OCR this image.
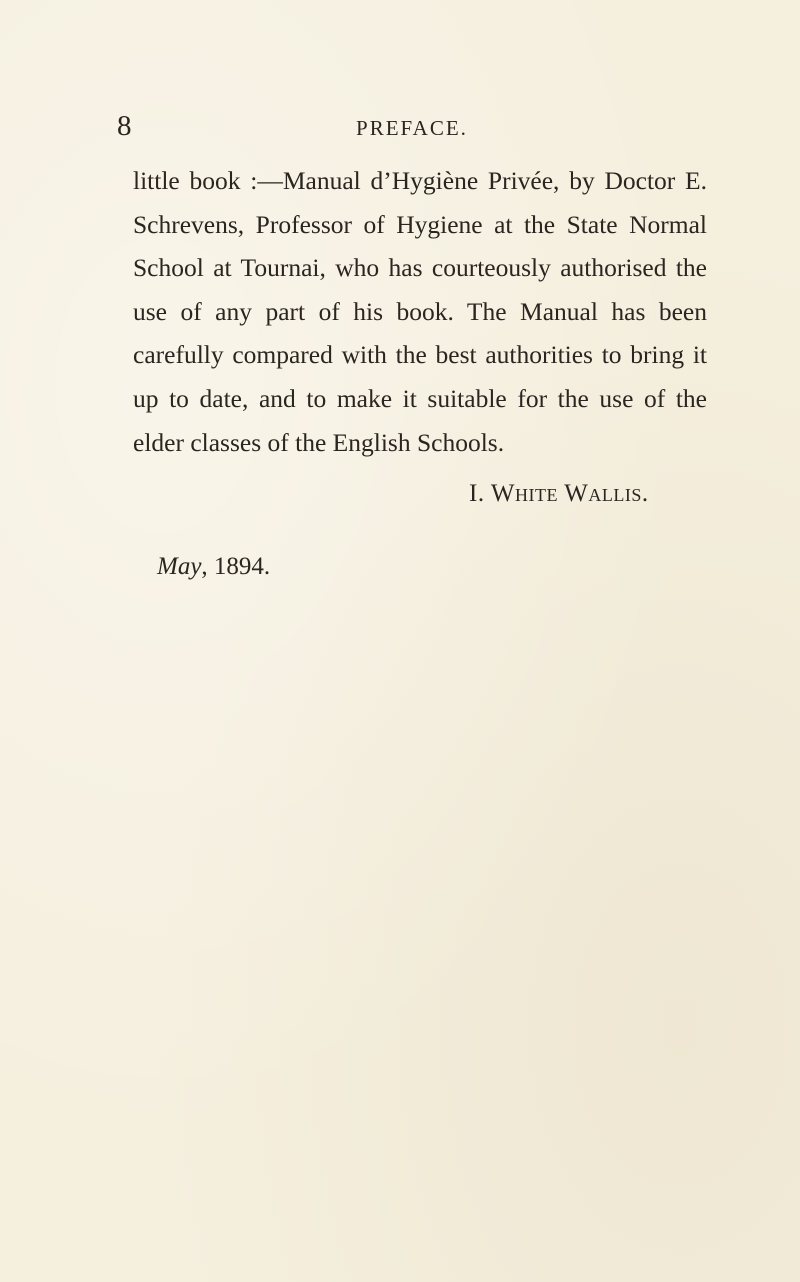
8	PREFACE.
little book :—Manual d’Hygiène Privée, by Doctor E.
Schrevens, Professor of Hygiene at the State Normal
School at Tournai, who has courteously authorised the
use of any part of his book. The Manual has been
carefully compared with the best authorities to bring it
up to date, and to make it suitable for the use of the
elder classes of the English Schools.
I. White Wallis.
May, 1894.
